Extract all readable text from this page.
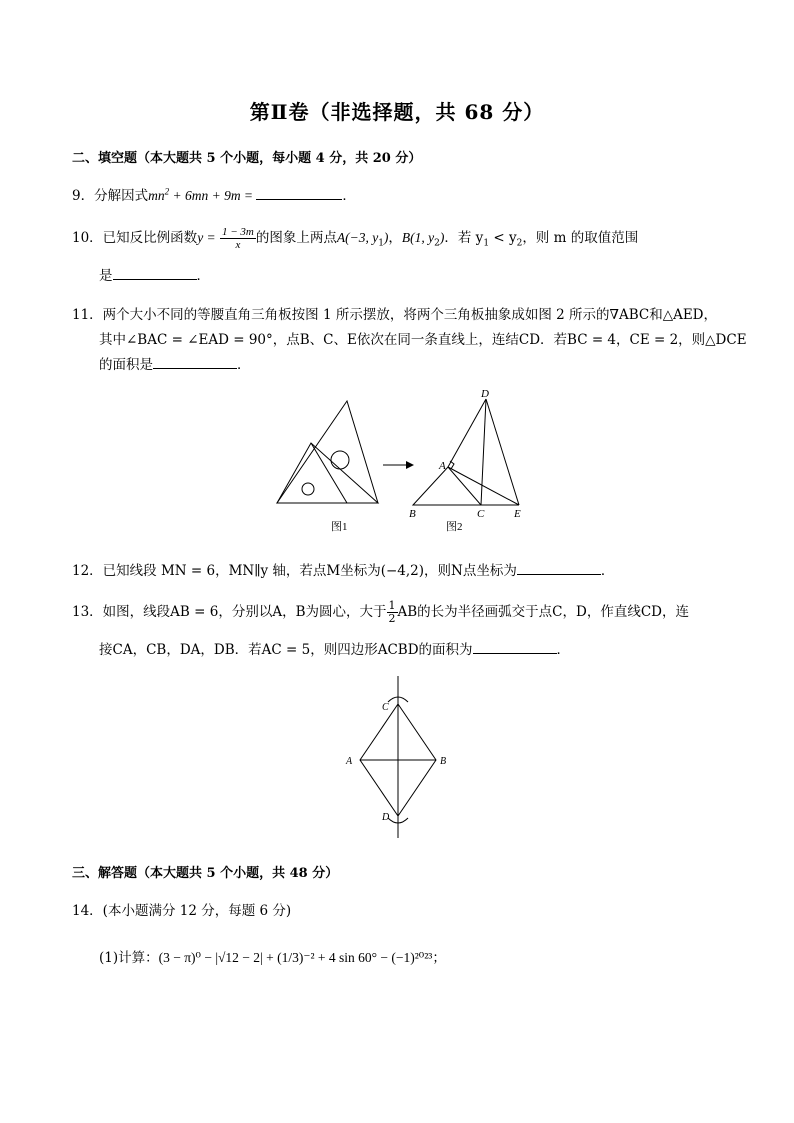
第Ⅱ卷（非选择题，共 68 分）
二、填空题（本大题共 5 个小题，每小题 4 分，共 20 分）
9．分解因式$mn^2 + 6mn + 9m$ =	．
10．已知反比例函数$y = \frac{1 - 3m}{x}$ 的图象上两点A(−3, $y_1$)，B(1, $y_2$)．若 $y_1 < y_2$，则 m 的取值范围
是	．
11．两个大小不同的等腰直角三角板按图 1 所示摆放，将两个三角板抽象成如图 2 所示的∇ABC和△AED，
其中∠BAC = ∠EAD = 90°，点B、C、E依次在同一条直线上，连结CD．若BC = 4，CE = 2，则△DCE
的面积是	．
D
A
B	C	E
图1	图2
12．已知线段 MN = 6，MN∥y 轴，若点M坐标为(−4,2)，则N点坐标为	．
13．如图，线段AB = 6，分别以A，B为圆心，大于 $\frac{1}{2}$ AB的长为半径画弧交于点C，D，作直线CD，连
接CA，CB，DA，DB．若AC = 5，则四边形ACBD的面积为	．
C
A	B
D
三、解答题（本大题共 5 个小题，共 48 分）
14．(本小题满分 12 分，每题 6 分)
(1)计算：(3 − π)⁰ − |√12 − 2| + (1/3)⁻² + 4 sin 60° − (−1)²⁰²³；
